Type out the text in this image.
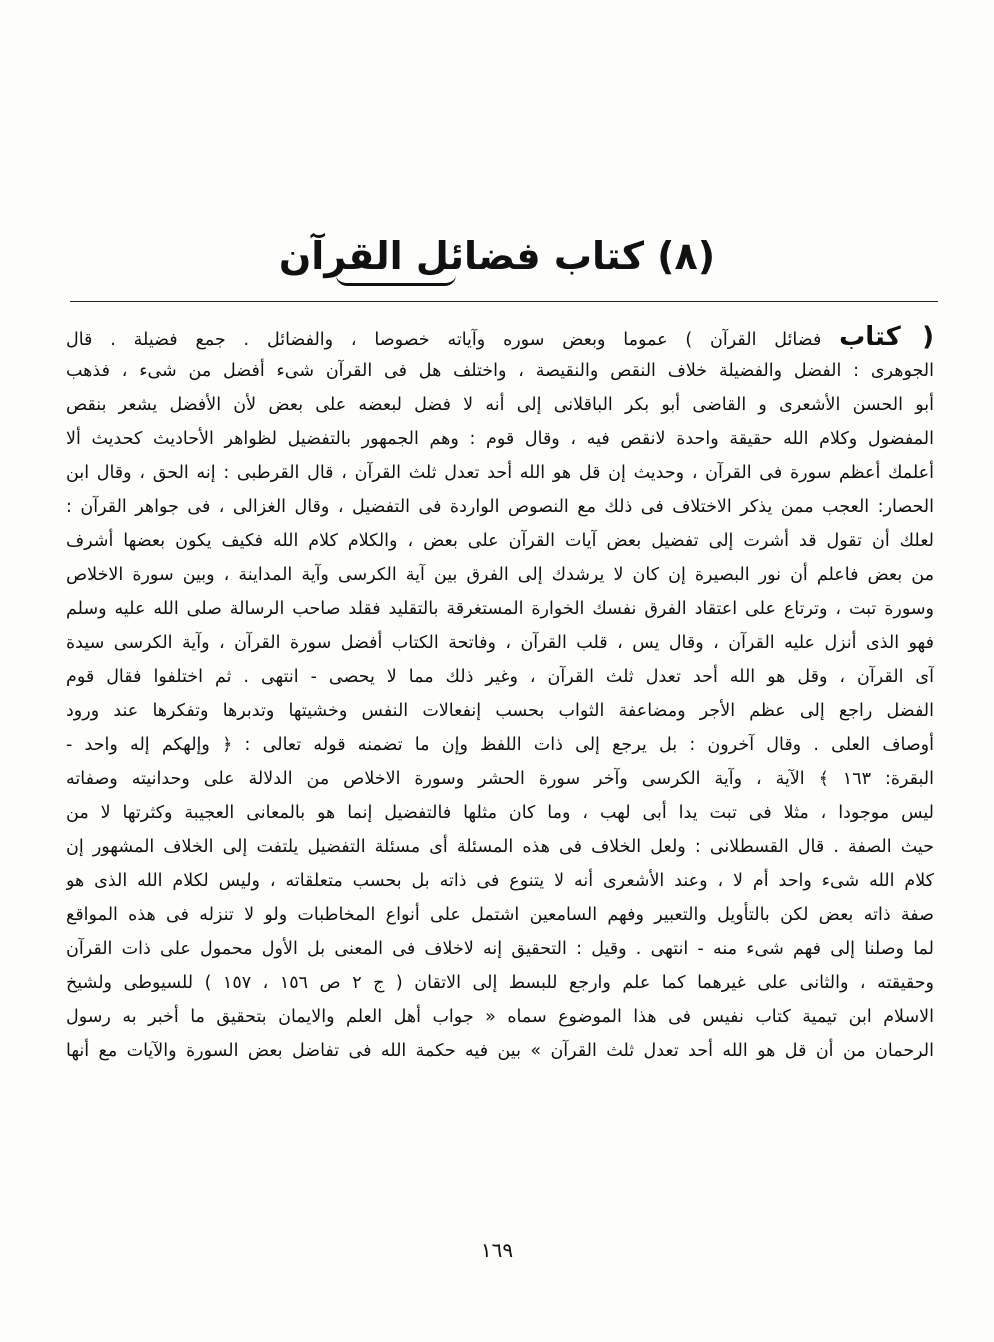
(٨) كتاب فضائل القرآن
( كتاب فضائل القرآن ) عموما وبعض سوره وآياته خصوصا ، والفضائل . جمع فضيلة . قال
الجوهرى : الفضل والفضيلة خلاف النقص والنقيصة ، واختلف هل فى القرآن شىء أفضل من شىء ، فذهب
أبو الحسن الأشعرى و القاضى أبو بكر الباقلانى إلى أنه لا فضل لبعضه على بعض لأن الأفضل يشعر بنقص
المفضول وكلام الله حقيقة واحدة لانقص فيه ، وقال قوم : وهم الجمهور بالتفضيل لظواهر الأحاديث كحديث ألا
أعلمك أعظم سورة فى القرآن ، وحديث إن قل هو الله أحد تعدل ثلث القرآن ، قال القرطبى : إنه الحق ، وقال ابن
الحصار: العجب ممن يذكر الاختلاف فى ذلك مع النصوص الواردة فى التفضيل ، وقال الغزالى ، فى جواهر القرآن :
لعلك أن تقول قد أشرت إلى تفضيل بعض آيات القرآن على بعض ، والكلام كلام الله فكيف يكون بعضها أشرف
من بعض فاعلم أن نور البصيرة إن كان لا يرشدك إلى الفرق بين آية الكرسى وآية المداينة ، وبين سورة الاخلاص
وسورة تبت ، وترتاع على اعتقاد الفرق نفسك الخوارة المستغرقة بالتقليد فقلد صاحب الرسالة صلى الله عليه وسلم
فهو الذى أنزل عليه القرآن ، وقال يس ، قلب القرآن ، وفاتحة الكتاب أفضل سورة القرآن ، وآية الكرسى سيدة
آى القرآن ، وقل هو الله أحد تعدل ثلث القرآن ، وغير ذلك مما لا يحصى - انتهى . ثم اختلفوا فقال قوم
الفضل راجع إلى عظم الأجر ومضاعفة الثواب بحسب إنفعالات النفس وخشيتها وتدبرها وتفكرها عند ورود
أوصاف العلى . وقال آخرون : بل يرجع إلى ذات اللفظ وإن ما تضمنه قوله تعالى : ﴿ وإلهكم إله واحد -
البقرة: ١٦٣ ﴾ الآية ، وآية الكرسى وآخر سورة الحشر وسورة الاخلاص من الدلالة على وحدانيته وصفاته
ليس موجودا ، مثلا فى تبت يدا أبى لهب ، وما كان مثلها فالتفضيل إنما هو بالمعانى العجيبة وكثرتها لا من
حيث الصفة . قال القسطلانى : ولعل الخلاف فى هذه المسئلة أى مسئلة التفضيل يلتفت إلى الخلاف المشهور إن
كلام الله شىء واحد أم لا ، وعند الأشعرى أنه لا يتنوع فى ذاته بل بحسب متعلقاته ، وليس لكلام الله الذى هو
صفة ذاته بعض لكن بالتأويل والتعبير وفهم السامعين اشتمل على أنواع المخاطبات ولو لا تنزله فى هذه المواقع
لما وصلنا إلى فهم شىء منه - انتهى . وقيل : التحقيق إنه لاخلاف فى المعنى بل الأول محمول على ذات القرآن
وحقيقته ، والثانى على غيرهما كما علم وارجع للبسط إلى الاتقان ( ج ٢ ص ١٥٦ ، ١٥٧ ) للسيوطى ولشيخ
الاسلام ابن تيمية كتاب نفيس فى هذا الموضوع سماه « جواب أهل العلم والايمان بتحقيق ما أخبر به رسول
الرحمان من أن قل هو الله أحد تعدل ثلث القرآن » بين فيه حكمة الله فى تفاضل بعض السورة والآيات مع أنها
١٦٩
